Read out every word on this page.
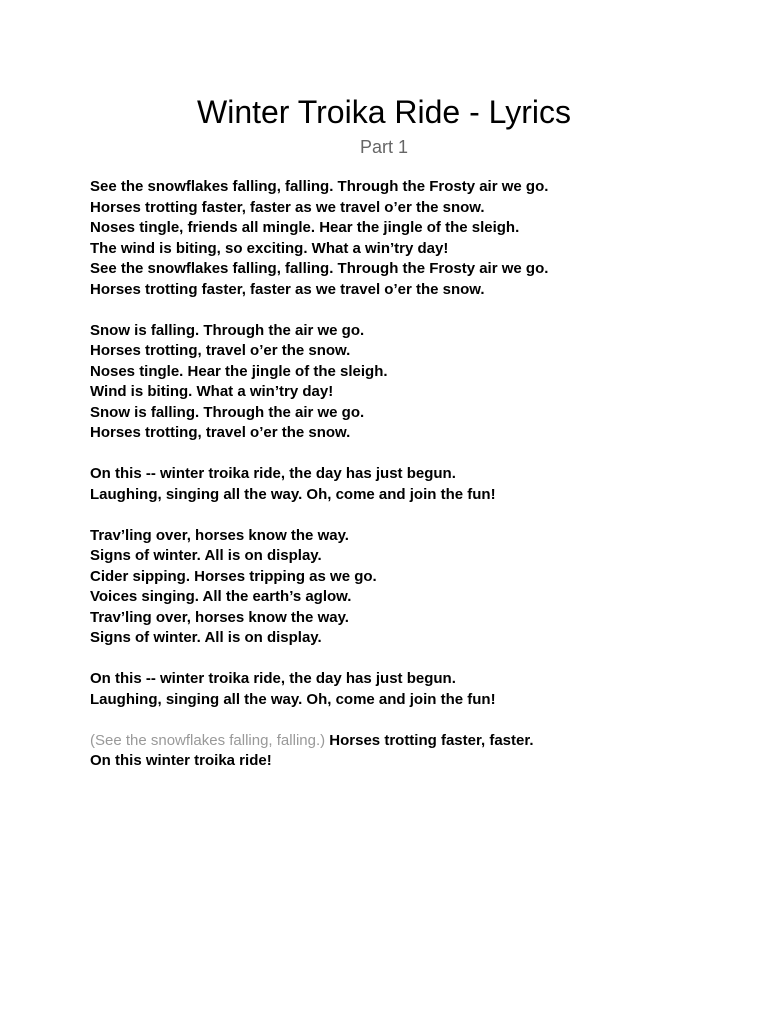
Winter Troika Ride - Lyrics
Part 1
See the snowflakes falling, falling. Through the Frosty air we go.
Horses trotting faster, faster as we travel o’er the snow.
Noses tingle, friends all mingle. Hear the jingle of the sleigh.
The wind is biting, so exciting. What a win’try day!
See the snowflakes falling, falling. Through the Frosty air we go.
Horses trotting faster, faster as we travel o’er the snow.
Snow is falling. Through the air we go.
Horses trotting, travel o’er the snow.
Noses tingle. Hear the jingle of the sleigh.
Wind is biting. What a win’try day!
Snow is falling. Through the air we go.
Horses trotting, travel o’er the snow.
On this -- winter troika ride, the day has just begun.
Laughing, singing all the way. Oh, come and join the fun!
Trav’ling over, horses know the way.
Signs of winter. All is on display.
Cider sipping. Horses tripping as we go.
Voices singing. All the earth’s aglow.
Trav’ling over, horses know the way.
Signs of winter. All is on display.
On this -- winter troika ride, the day has just begun.
Laughing, singing all the way. Oh, come and join the fun!
(See the snowflakes falling, falling.) Horses trotting faster, faster.
On this winter troika ride!
